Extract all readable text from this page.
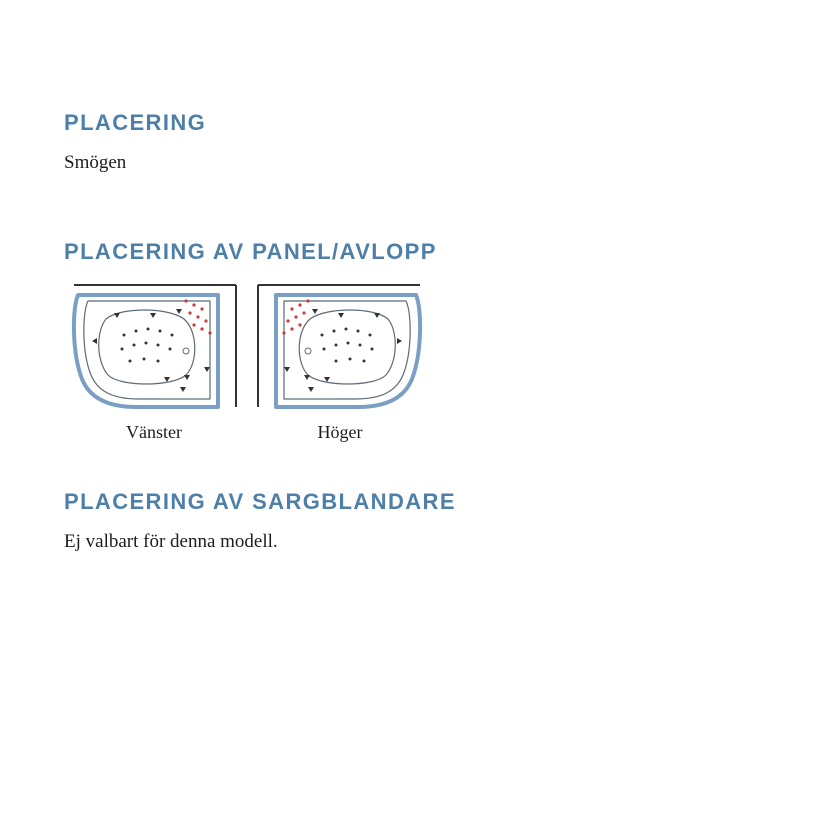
PLACERING

Smögen

PLACERING AV PANEL/AVLOPP
Vänster	Höger
PLACERING AV SARGBLANDARE

Ej valbart för denna modell.
